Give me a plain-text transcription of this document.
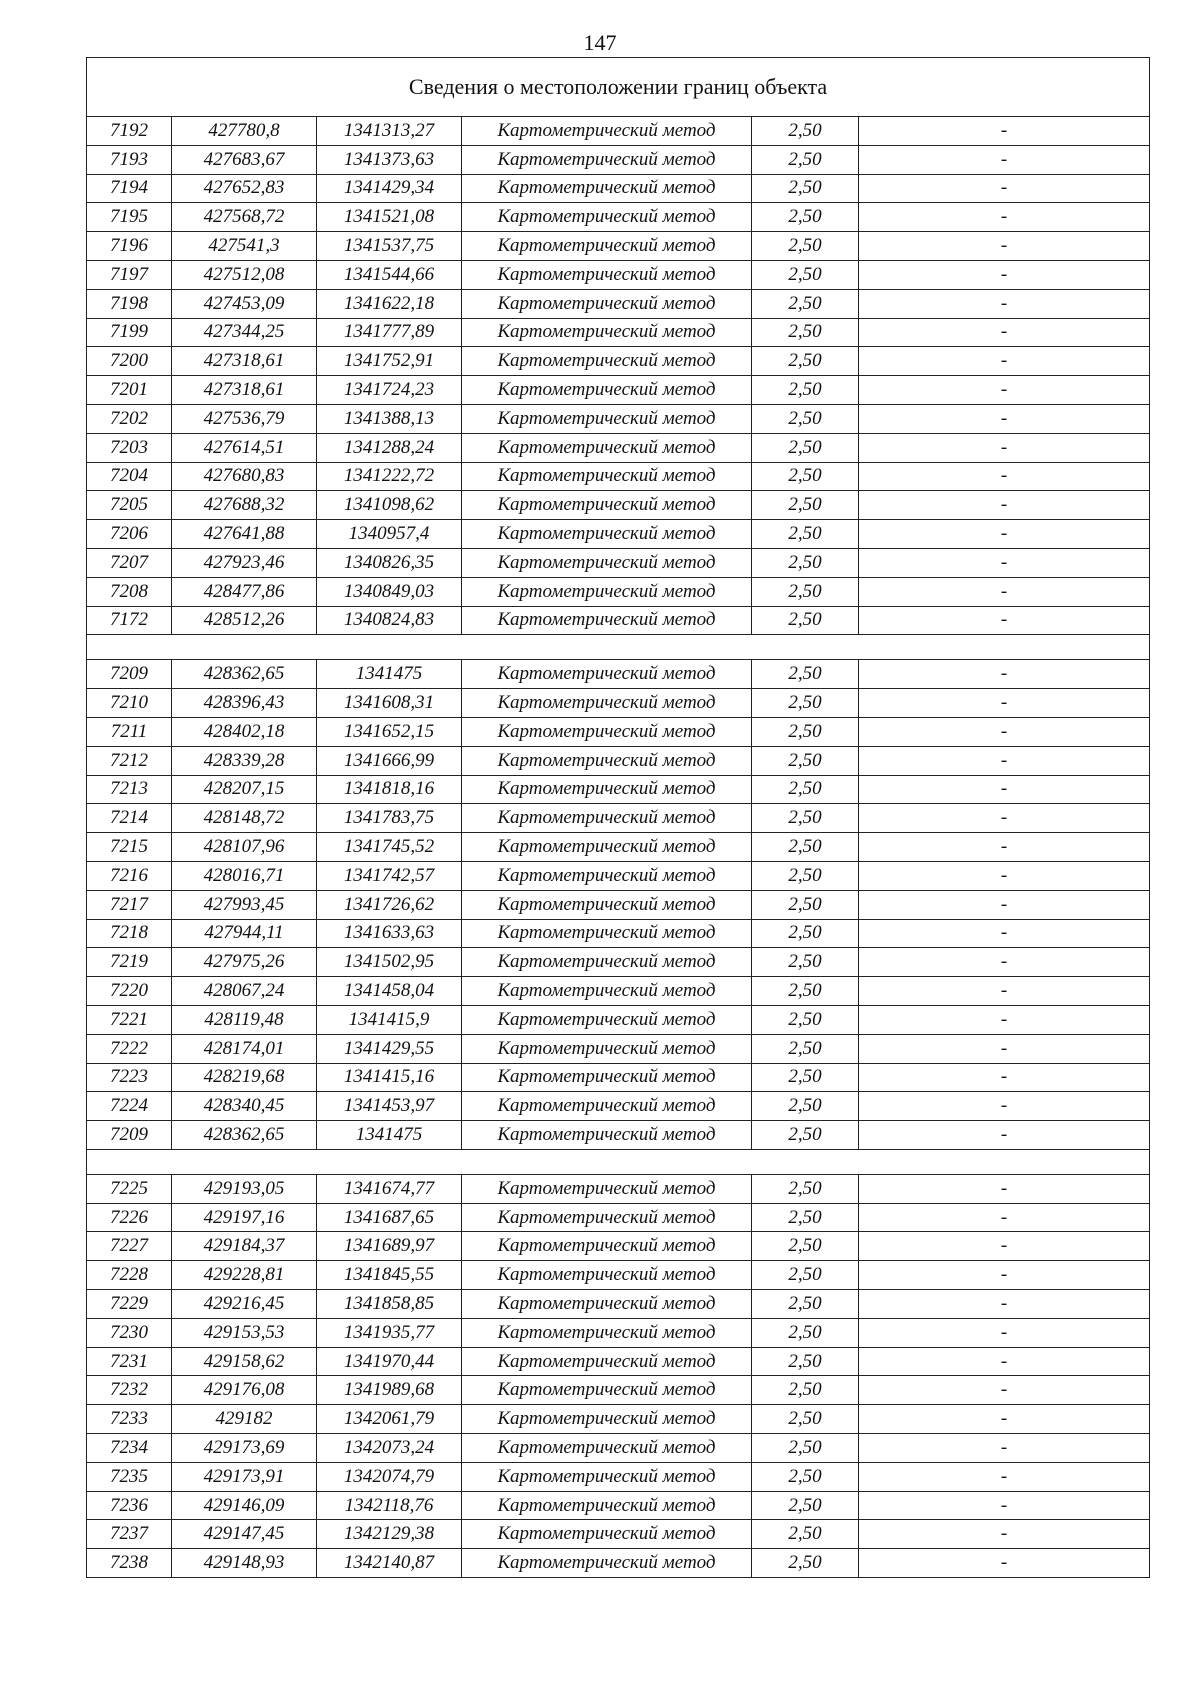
147
Сведения о местоположении границ объекта					
7192	427780,8	1341313,27	Картометрический метод	2,50	-
7193	427683,67	1341373,63	Картометрический метод	2,50	-
7194	427652,83	1341429,34	Картометрический метод	2,50	-
7195	427568,72	1341521,08	Картометрический метод	2,50	-
7196	427541,3	1341537,75	Картометрический метод	2,50	-
7197	427512,08	1341544,66	Картометрический метод	2,50	-
7198	427453,09	1341622,18	Картометрический метод	2,50	-
7199	427344,25	1341777,89	Картометрический метод	2,50	-
7200	427318,61	1341752,91	Картометрический метод	2,50	-
7201	427318,61	1341724,23	Картометрический метод	2,50	-
7202	427536,79	1341388,13	Картометрический метод	2,50	-
7203	427614,51	1341288,24	Картометрический метод	2,50	-
7204	427680,83	1341222,72	Картометрический метод	2,50	-
7205	427688,32	1341098,62	Картометрический метод	2,50	-
7206	427641,88	1340957,4	Картометрический метод	2,50	-
7207	427923,46	1340826,35	Картометрический метод	2,50	-
7208	428477,86	1340849,03	Картометрический метод	2,50	-
7172	428512,26	1340824,83	Картометрический метод	2,50	-

7209	428362,65	1341475	Картометрический метод	2,50	-
7210	428396,43	1341608,31	Картометрический метод	2,50	-
7211	428402,18	1341652,15	Картометрический метод	2,50	-
7212	428339,28	1341666,99	Картометрический метод	2,50	-
7213	428207,15	1341818,16	Картометрический метод	2,50	-
7214	428148,72	1341783,75	Картометрический метод	2,50	-
7215	428107,96	1341745,52	Картометрический метод	2,50	-
7216	428016,71	1341742,57	Картометрический метод	2,50	-
7217	427993,45	1341726,62	Картометрический метод	2,50	-
7218	427944,11	1341633,63	Картометрический метод	2,50	-
7219	427975,26	1341502,95	Картометрический метод	2,50	-
7220	428067,24	1341458,04	Картометрический метод	2,50	-
7221	428119,48	1341415,9	Картометрический метод	2,50	-
7222	428174,01	1341429,55	Картометрический метод	2,50	-
7223	428219,68	1341415,16	Картометрический метод	2,50	-
7224	428340,45	1341453,97	Картометрический метод	2,50	-
7209	428362,65	1341475	Картометрический метод	2,50	-

7225	429193,05	1341674,77	Картометрический метод	2,50	-
7226	429197,16	1341687,65	Картометрический метод	2,50	-
7227	429184,37	1341689,97	Картометрический метод	2,50	-
7228	429228,81	1341845,55	Картометрический метод	2,50	-
7229	429216,45	1341858,85	Картометрический метод	2,50	-
7230	429153,53	1341935,77	Картометрический метод	2,50	-
7231	429158,62	1341970,44	Картометрический метод	2,50	-
7232	429176,08	1341989,68	Картометрический метод	2,50	-
7233	429182	1342061,79	Картометрический метод	2,50	-
7234	429173,69	1342073,24	Картометрический метод	2,50	-
7235	429173,91	1342074,79	Картометрический метод	2,50	-
7236	429146,09	1342118,76	Картометрический метод	2,50	-
7237	429147,45	1342129,38	Картометрический метод	2,50	-
7238	429148,93	1342140,87	Картометрический метод	2,50	-
